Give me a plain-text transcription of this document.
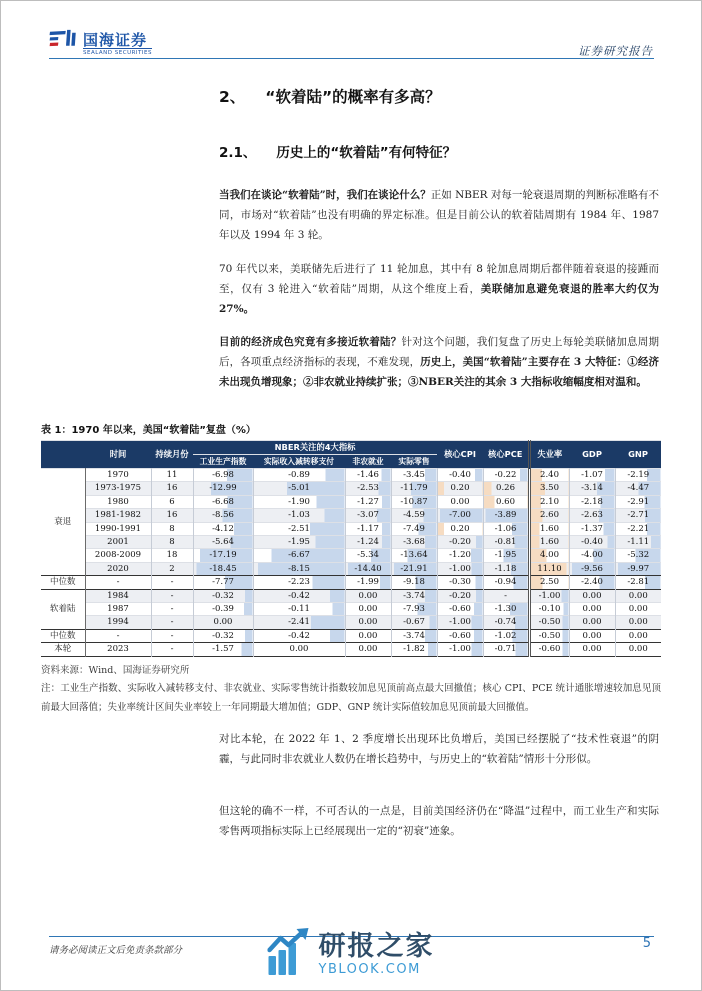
国海证券
SEALAND SECURITIES	证券研究报告
2、 “软着陆”的概率有多高？
2.1、 历史上的“软着陆”有何特征？
当我们在谈论“软着陆”时，我们在谈论什么？正如 NBER 对每一轮衰退周期的判断标准略有不同，市场对“软着陆”也没有明确的界定标准。但是目前公认的软着陆周期有 1984 年、1987 年以及 1994 年 3 轮。
70 年代以来，美联储先后进行了 11 轮加息，其中有 8 轮加息周期后都伴随着衰退的接踵而至，仅有 3 轮进入“软着陆”周期，从这个维度上看，美联储加息避免衰退的胜率大约仅为 27%。
目前的经济成色究竟有多接近软着陆？针对这个问题，我们复盘了历史上每轮美联储加息周期后，各项重点经济指标的表现，不难发现，历史上，美国“软着陆”主要存在 3 大特征：①经济未出现负增现象；②非农就业持续扩张；③NBER关注的其余 3 大指标收缩幅度相对温和。
表 1：1970 年以来，美国“软着陆”复盘（%）
	时间	持续月份	NBER关注的4大指标				核心CPI	核心PCE	失业率	GDP	GNP
			工业生产指数	实际收入减转移支付	非农就业	实际零售					
衰退	1970	11	-6.98	-0.89	-1.46	-3.45	-0.40	-0.22	2.40	-1.07	-2.19
	1973-1975	16	-12.99	-5.01	-2.53	-11.79	0.20	0.26	3.50	-3.14	-4.47
	1980	6	-6.68	-1.90	-1.27	-10.87	0.00	0.60	2.10	-2.18	-2.91
	1981-1982	16	-8.56	-1.03	-3.07	-4.59	-7.00	-3.89	2.60	-2.63	-2.71
	1990-1991	8	-4.12	-2.51	-1.17	-7.49	0.20	-1.06	1.60	-1.37	-2.21
	2001	8	-5.64	-1.95	-1.24	-3.68	-0.20	-0.81	1.60	-0.40	-1.11
	2008-2009	18	-17.19	-6.67	-5.34	-13.64	-1.20	-1.95	4.00	-4.00	-5.32
	2020	2	-18.45	-8.15	-14.40	-21.91	-1.00	-1.18	11.10	-9.56	-9.97
中位数	-	-	-7.77	-2.23	-1.99	-9.18	-0.30	-0.94	2.50	-2.40	-2.81
软着陆	1984	-	-0.32	-0.42	0.00	-3.74	-0.20	-	-1.00	0.00	0.00
	1987	-	-0.39	-0.11	0.00	-7.93	-0.60	-1.30	-0.10	0.00	0.00
	1994	-	0.00	-2.41	0.00	-0.67	-1.00	-0.74	-0.50	0.00	0.00
中位数	-	-	-0.32	-0.42	0.00	-3.74	-0.60	-1.02	-0.50	0.00	0.00
本轮	2023	-	-1.57	0.00	0.00	-1.82	-1.00	-0.71	-0.60	0.00	0.00
资料来源：Wind、国海证券研究所
注：工业生产指数、实际收入减转移支付、非农就业、实际零售统计指数较加息见顶前高点最大回撤值；核心 CPI、PCE 统计通胀增速较加息见顶前最大回落值；失业率统计区间失业率较上一年同期最大增加值；GDP、GNP 统计实际值较加息见顶前最大回撤值。
对比本轮，在 2022 年 1、2 季度增长出现环比负增后，美国已经摆脱了“技术性衰退”的阴霾，与此同时非农就业人数仍在增长趋势中，与历史上的“软着陆”情形十分形似。
但这轮的确不一样，不可否认的一点是，目前美国经济仍在“降温”过程中，而工业生产和实际零售两项指标实际上已经展现出一定的“初衰”迹象。
请务必阅读正文后免责条款部分	研报之家
YBLOOK.COM
5
